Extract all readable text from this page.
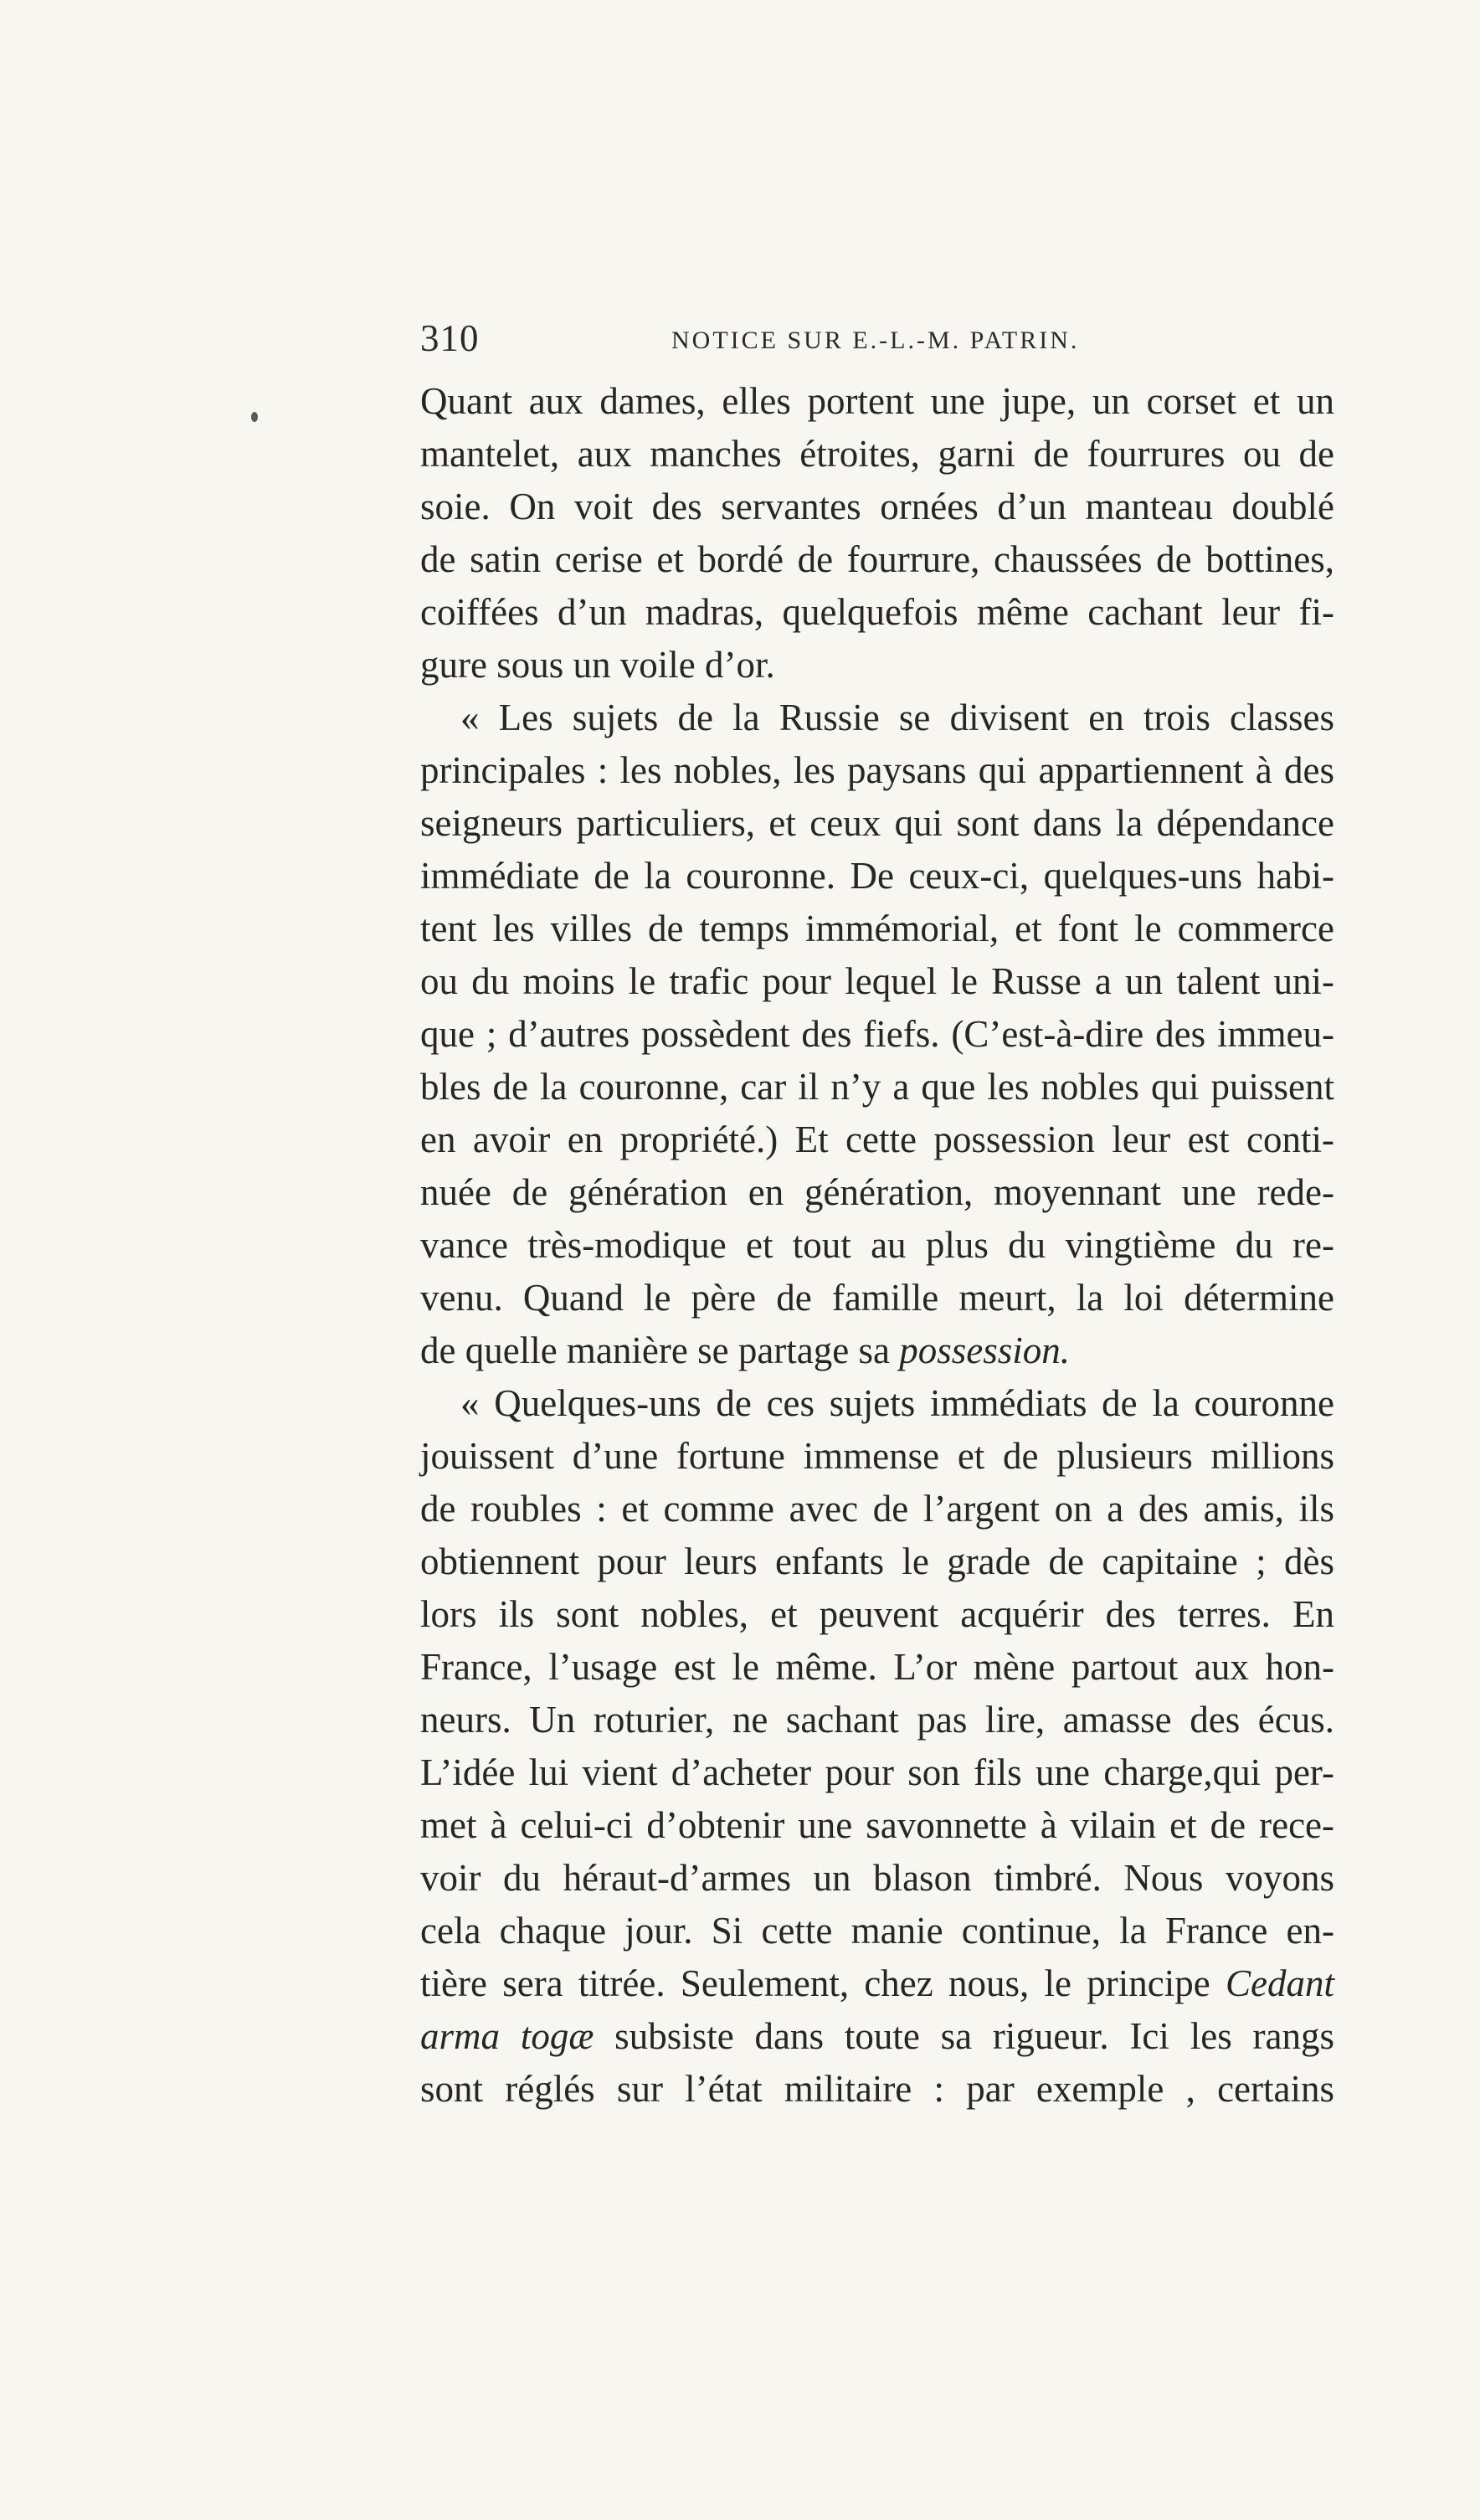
310	NOTICE SUR E.-L.-M. PATRIN.
Quant aux dames, elles portent une jupe, un corset et un
mantelet, aux manches étroites, garni de fourrures ou de
soie. On voit des servantes ornées d’un manteau doublé
de satin cerise et bordé de fourrure, chaussées de bottines,
coiffées d’un madras, quelquefois même cachant leur fi-
gure sous un voile d’or.
« Les sujets de la Russie se divisent en trois classes
principales : les nobles, les paysans qui appartiennent à des
seigneurs particuliers, et ceux qui sont dans la dépendance
immédiate de la couronne. De ceux-ci, quelques-uns habi-
tent les villes de temps immémorial, et font le commerce
ou du moins le trafic pour lequel le Russe a un talent uni-
que ; d’autres possèdent des fiefs. (C’est-à-dire des immeu-
bles de la couronne, car il n’y a que les nobles qui puissent
en avoir en propriété.) Et cette possession leur est conti-
nuée de génération en génération, moyennant une rede-
vance très-modique et tout au plus du vingtième du re-
venu. Quand le père de famille meurt, la loi détermine
de quelle manière se partage sa possession.
« Quelques-uns de ces sujets immédiats de la couronne
jouissent d’une fortune immense et de plusieurs millions
de roubles : et comme avec de l’argent on a des amis, ils
obtiennent pour leurs enfants le grade de capitaine ; dès
lors ils sont nobles, et peuvent acquérir des terres. En
France, l’usage est le même. L’or mène partout aux hon-
neurs. Un roturier, ne sachant pas lire, amasse des écus.
L’idée lui vient d’acheter pour son fils une charge,qui per-
met à celui-ci d’obtenir une savonnette à vilain et de rece-
voir du héraut-d’armes un blason timbré. Nous voyons
cela chaque jour. Si cette manie continue, la France en-
tière sera titrée. Seulement, chez nous, le principe Cedant
arma togæ subsiste dans toute sa rigueur. Ici les rangs
sont réglés sur l’état militaire : par exemple , certains
